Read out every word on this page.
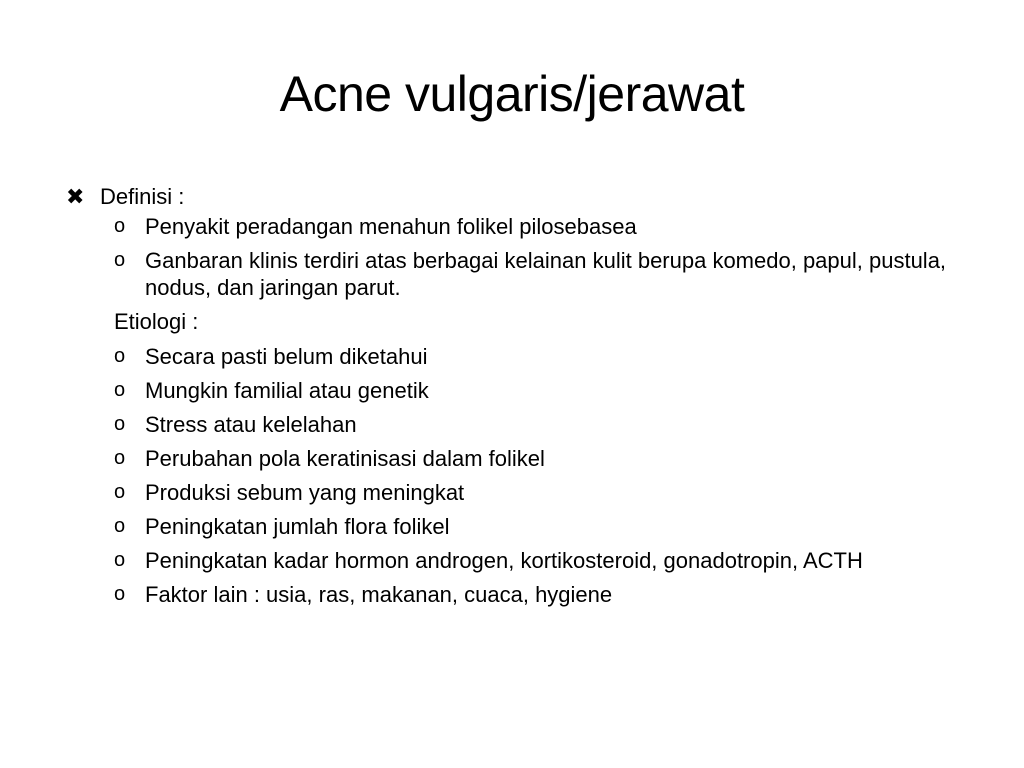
Acne vulgaris/jerawat
✖ Definisi :
o Penyakit peradangan menahun folikel pilosebasea
o Ganbaran klinis terdiri atas berbagai kelainan kulit berupa komedo, papul, pustula, nodus, dan jaringan parut.
Etiologi :
o Secara pasti belum diketahui
o Mungkin familial atau genetik
o Stress atau kelelahan
o Perubahan pola keratinisasi dalam folikel
o Produksi sebum yang meningkat
o Peningkatan jumlah flora folikel
o Peningkatan kadar hormon androgen, kortikosteroid, gonadotropin, ACTH
o Faktor lain : usia, ras, makanan, cuaca, hygiene
